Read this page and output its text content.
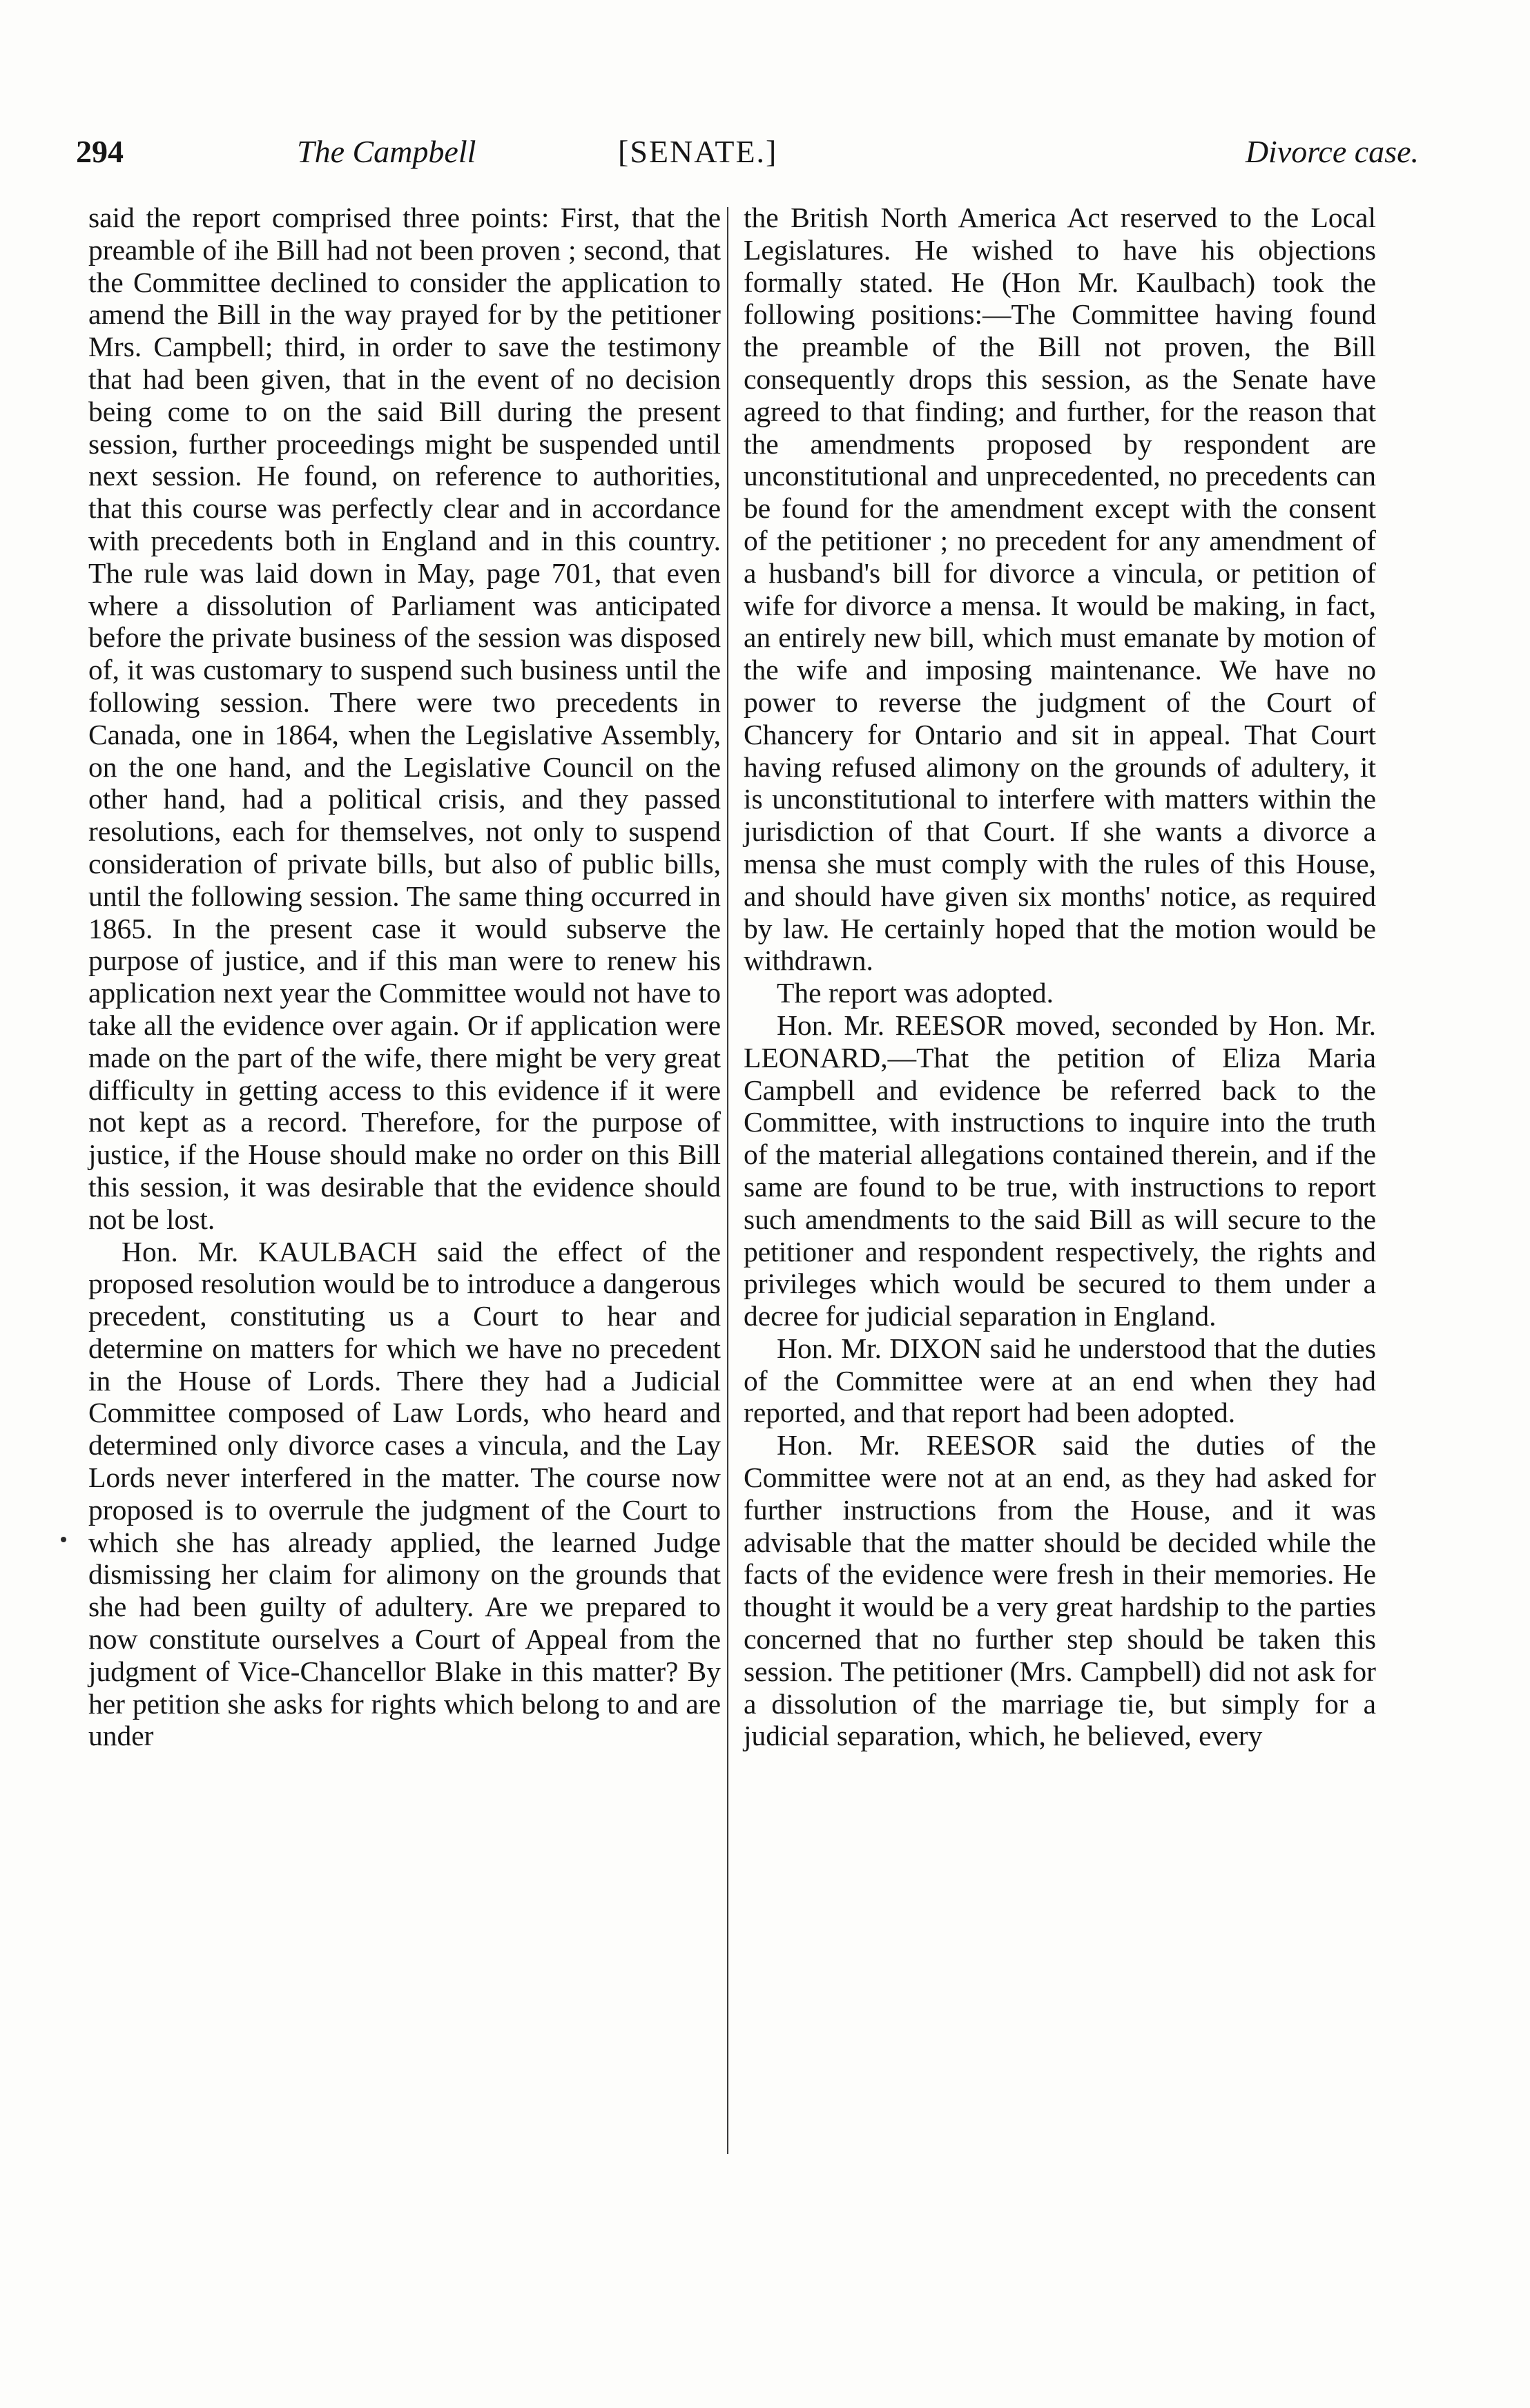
294	The Campbell	[SENATE.]	Divorce case.

said the report comprised three points: First, that the preamble of ihe Bill had not been proven ; second, that the Committee declined to consider the application to amend the Bill in the way prayed for by the petitioner Mrs. Campbell; third, in order to save the testimony that had been given, that in the event of no decision being come to on the said Bill during the present session, further proceedings might be suspended until next session. He found, on reference to authorities, that this course was perfectly clear and in accordance with precedents both in England and in this country. The rule was laid down in May, page 701, that even where a dissolution of Parliament was anticipated before the private business of the session was disposed of, it was customary to suspend such business until the following session. There were two precedents in Canada, one in 1864, when the Legislative Assembly, on the one hand, and the Legislative Council on the other hand, had a political crisis, and they passed resolutions, each for themselves, not only to suspend consideration of private bills, but also of public bills, until the following session. The same thing occurred in 1865. In the present case it would subserve the purpose of justice, and if this man were to renew his application next year the Committee would not have to take all the evidence over again. Or if application were made on the part of the wife, there might be very great difficulty in getting access to this evidence if it were not kept as a record. Therefore, for the purpose of justice, if the House should make no order on this Bill this session, it was desirable that the evidence should not be lost.

Hon. Mr. KAULBACH said the effect of the proposed resolution would be to introduce a dangerous precedent, constituting us a Court to hear and determine on matters for which we have no precedent in the House of Lords. There they had a Judicial Committee composed of Law Lords, who heard and determined only divorce cases a vincula, and the Lay Lords never interfered in the matter. The course now proposed is to overrule the judgment of the Court to which she has already applied, the learned Judge dismissing her claim for alimony on the grounds that she had been guilty of adultery. Are we prepared to now constitute ourselves a Court of Appeal from the judgment of Vice-Chancellor Blake in this matter? By her petition she asks for rights which belong to and are under

the British North America Act reserved to the Local Legislatures. He wished to have his objections formally stated. He (Hon Mr. Kaulbach) took the following positions:—The Committee having found the preamble of the Bill not proven, the Bill consequently drops this session, as the Senate have agreed to that finding; and further, for the reason that the amendments proposed by respondent are unconstitutional and unprecedented, no precedents can be found for the amendment except with the consent of the petitioner ; no precedent for any amendment of a husband's bill for divorce a vincula, or petition of wife for divorce a mensa. It would be making, in fact, an entirely new bill, which must emanate by motion of the wife and imposing maintenance. We have no power to reverse the judgment of the Court of Chancery for Ontario and sit in appeal. That Court having refused alimony on the grounds of adultery, it is unconstitutional to interfere with matters within the jurisdiction of that Court. If she wants a divorce a mensa she must comply with the rules of this House, and should have given six months' notice, as required by law. He certainly hoped that the motion would be withdrawn.

The report was adopted.

Hon. Mr. REESOR moved, seconded by Hon. Mr. LEONARD,—That the petition of Eliza Maria Campbell and evidence be referred back to the Committee, with instructions to inquire into the truth of the material allegations contained therein, and if the same are found to be true, with instructions to report such amendments to the said Bill as will secure to the petitioner and respondent respectively, the rights and privileges which would be secured to them under a decree for judicial separation in England.

Hon. Mr. DIXON said he understood that the duties of the Committee were at an end when they had reported, and that report had been adopted.

Hon. Mr. REESOR said the duties of the Committee were not at an end, as they had asked for further instructions from the House, and it was advisable that the matter should be decided while the facts of the evidence were fresh in their memories. He thought it would be a very great hardship to the parties concerned that no further step should be taken this session. The petitioner (Mrs. Campbell) did not ask for a dissolution of the marriage tie, but simply for a judicial separation, which, he believed, every
